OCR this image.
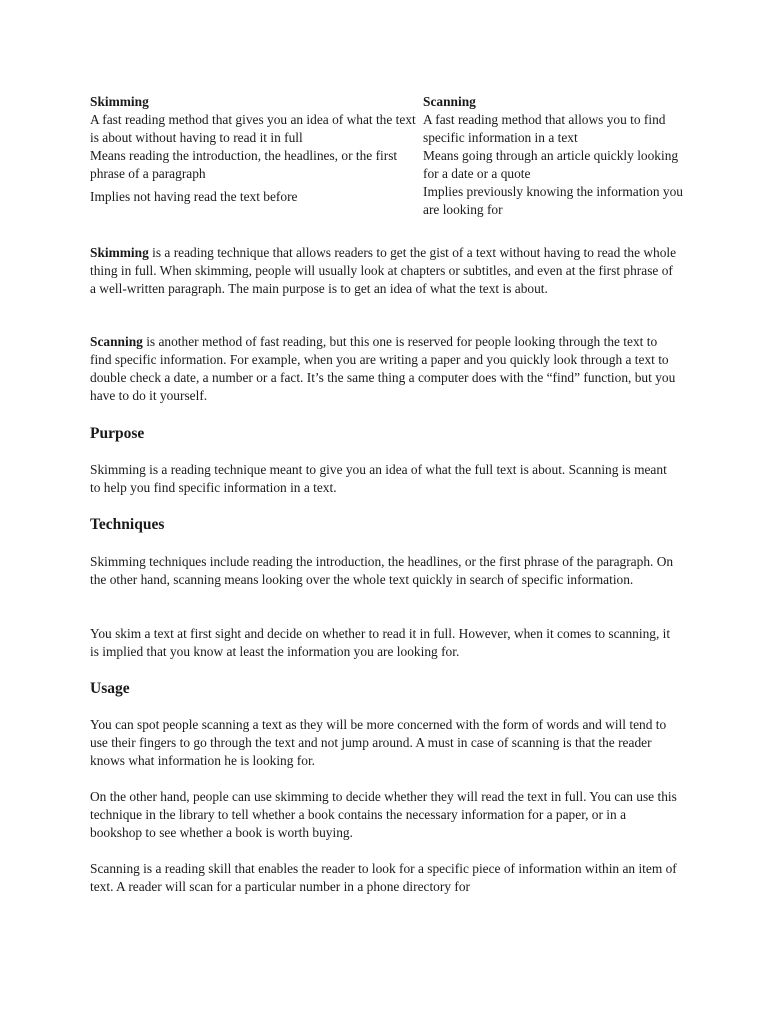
Skimming
A fast reading method that gives you an idea of what the text is about without having to read it in full
Means reading the introduction, the headlines, or the first phrase of a paragraph
Implies not having read the text before
Scanning
A fast reading method that allows you to find specific information in a text
Means going through an article quickly looking for a date or a quote
Implies previously knowing the information you are looking for

Skimming is a reading technique that allows readers to get the gist of a text without having to read the whole thing in full. When skimming, people will usually look at chapters or subtitles, and even at the first phrase of a well-written paragraph. The main purpose is to get an idea of what the text is about.

Scanning is another method of fast reading, but this one is reserved for people looking through the text to find specific information. For example, when you are writing a paper and you quickly look through a text to double check a date, a number or a fact. It’s the same thing a computer does with the “find” function, but you have to do it yourself.

Purpose

Skimming is a reading technique meant to give you an idea of what the full text is about. Scanning is meant to help you find specific information in a text.

Techniques

Skimming techniques include reading the introduction, the headlines, or the first phrase of the paragraph. On the other hand, scanning means looking over the whole text quickly in search of specific information.

You skim a text at first sight and decide on whether to read it in full. However, when it comes to scanning, it is implied that you know at least the information you are looking for.

Usage

You can spot people scanning a text as they will be more concerned with the form of words and will tend to use their fingers to go through the text and not jump around. A must in case of scanning is that the reader knows what information he is looking for.

On the other hand, people can use skimming to decide whether they will read the text in full. You can use this technique in the library to tell whether a book contains the necessary information for a paper, or in a bookshop to see whether a book is worth buying.

Scanning is a reading skill that enables the reader to look for a specific piece of information within an item of text. A reader will scan for a particular number in a phone directory for
